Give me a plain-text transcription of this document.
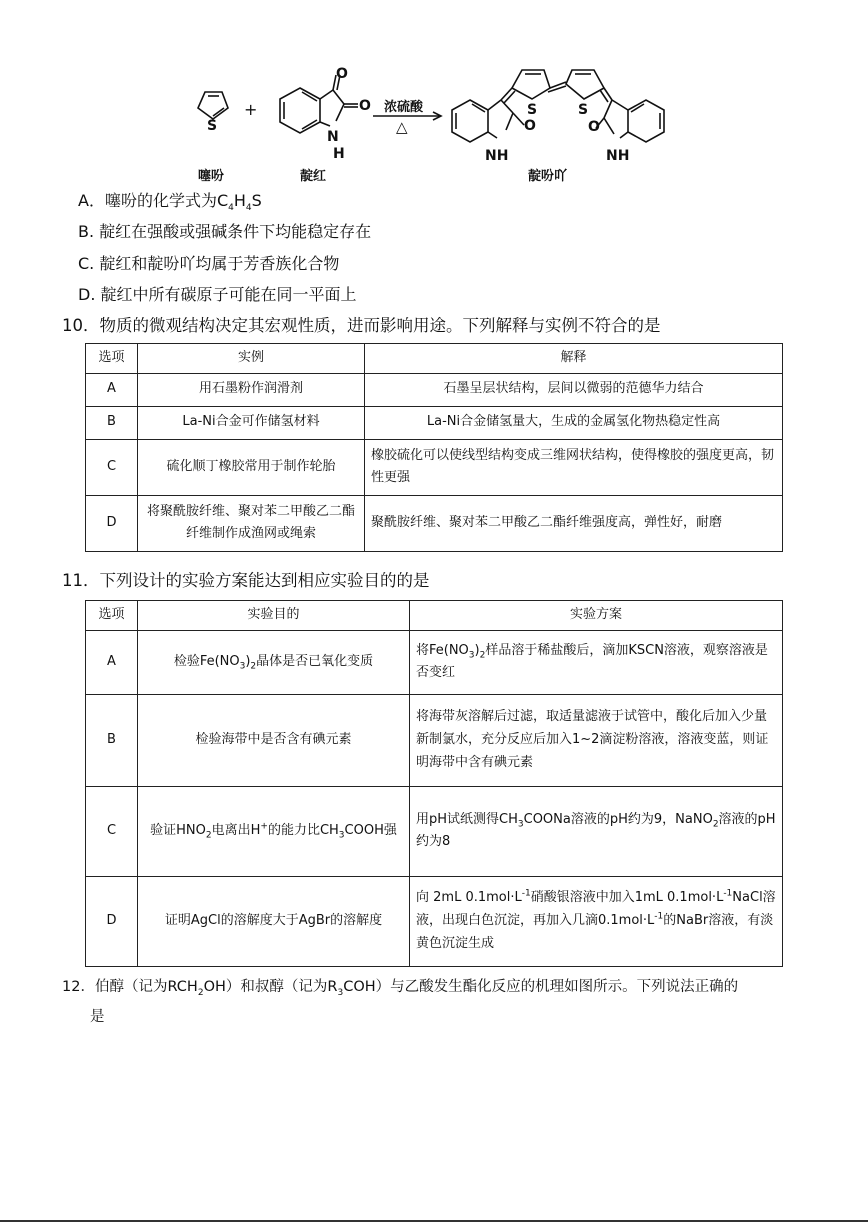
S
O
O
N
H
O
S	S
NH
O
NH
+	浓硫酸
△
噻吩	靛红	靛吩吖
A．噻吩的化学式为$C_4H_4S$
B. 靛红在强酸或强碱条件下均能稳定存在
C. 靛红和靛吩吖均属于芳香族化合物
D. 靛红中所有碳原子可能在同一平面上
10．物质的微观结构决定其宏观性质，进而影响用途。下列解释与实例不符合的是
选项	实例	解释
A	用石墨粉作润滑剂	石墨呈层状结构，层间以微弱的范德华力结合
B	La-Ni合金可作储氢材料	La-Ni合金储氢量大，生成的金属氢化物热稳定性高
C	硫化顺丁橡胶常用于制作轮胎	橡胶硫化可以使线型结构变成三维网状结构，使得橡胶的强度更高，韧性更强
D	将聚酰胺纤维、聚对苯二甲酸乙二酯纤维制作成渔网或绳索	聚酰胺纤维、聚对苯二甲酸乙二酯纤维强度高，弹性好，耐磨
11．下列设计的实验方案能达到相应实验目的的是
选项	实验目的	实验方案
A	检验$Fe(NO_3)_2$晶体是否已氧化变质	将$Fe(NO_3)_2$样品溶于稀盐酸后，滴加KSCN溶液，观察溶液是否变红
B	检验海带中是否含有碘元素	将海带灰溶解后过滤，取适量滤液于试管中，酸化后加入少量新制氯水，充分反应后加入1~2滴淀粉溶液，溶液变蓝，则证明海带中含有碘元素
C	验证$HNO_2$电离出H+的能力比$CH_3COOH$强	用pH试纸测得$CH_3COONa$溶液的pH约为9，NaNO$_2$溶液的pH约为8
D	证明AgCl的溶解度大于AgBr的溶解度	向 2mL $0.1mol\cdot L^{-1}$硝酸银溶液中加入1mL $0.1mol\cdot L^{-1}NaCl$溶液，出现白色沉淀，再加入几滴$0.1mol\cdot L^{-1}$的NaBr溶液，有淡黄色沉淀生成
12．伯醇（记为$RCH_2OH$）和叔醇（记为$R_3COH$）与乙酸发生酯化反应的机理如图所示。下列说法正确的
是
